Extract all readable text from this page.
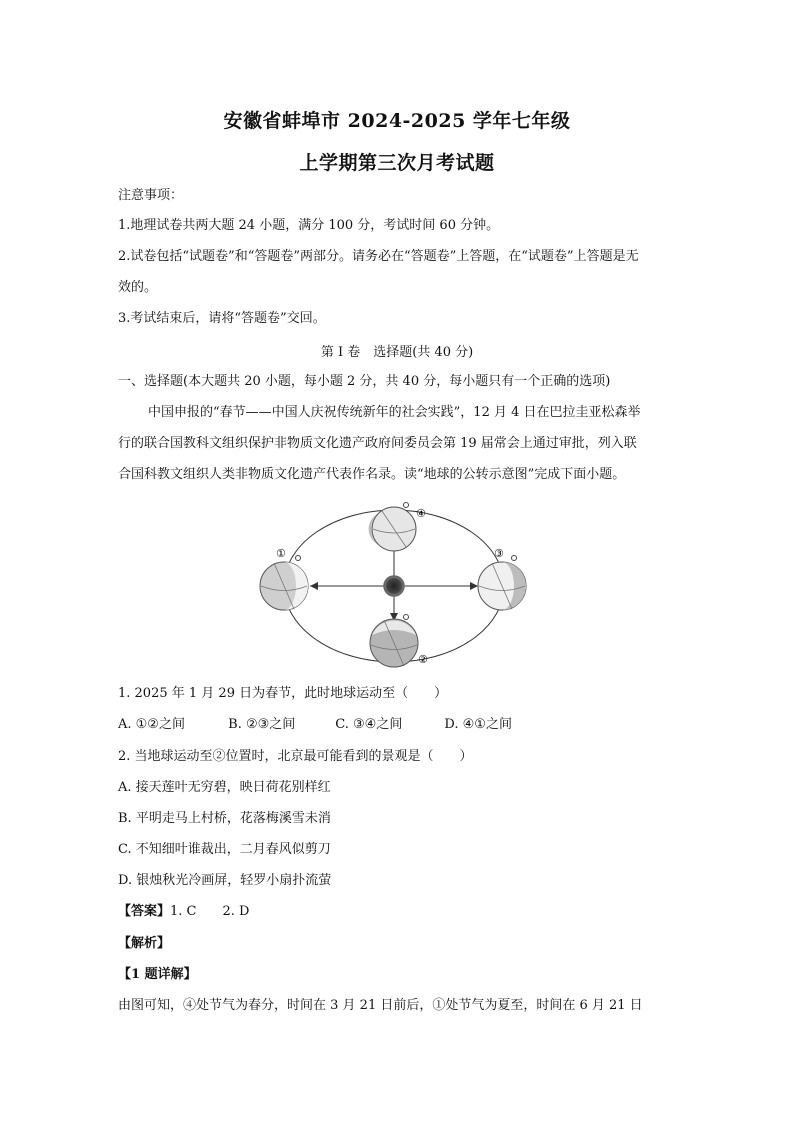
安徽省蚌埠市 2024-2025 学年七年级
上学期第三次月考试题
注意事项：
1.地理试卷共两大题 24 小题，满分 100 分，考试时间 60 分钟。
2.试卷包括“试题卷”和“答题卷”两部分。请务必在“答题卷”上答题，在“试题卷”上答题是无
效的。
3.考试结束后，请将“答题卷”交回。
第 I 卷　选择题(共 40 分)
一、选择题(本大题共 20 小题，每小题 2 分，共 40 分，每小题只有一个正确的选项)
中国申报的“春节——中国人庆祝传统新年的社会实践”，12 月 4 日在巴拉圭亚松森举
行的联合国教科文组织保护非物质文化遗产政府间委员会第 19 届常会上通过审批，列入联
合国科教文组织人类非物质文化遗产代表作名录。读“地球的公转示意图”完成下面小题。
①
②
③
④
1. 2025 年 1 月 29 日为春节，此时地球运动至（　　）
A. ①②之间	B. ②③之间	C. ③④之间	D. ④①之间
2. 当地球运动至②位置时，北京最可能看到的景观是（　　）
A. 接天莲叶无穷碧，映日荷花别样红
B. 平明走马上村桥，花落梅溪雪未消
C. 不知细叶谁裁出，二月春风似剪刀
D. 银烛秋光冷画屏，轻罗小扇扑流萤
【答案】1. C　　2. D
【解析】
【1 题详解】
由图可知，④处节气为春分，时间在 3 月 21 日前后，①处节气为夏至，时间在 6 月 21 日
